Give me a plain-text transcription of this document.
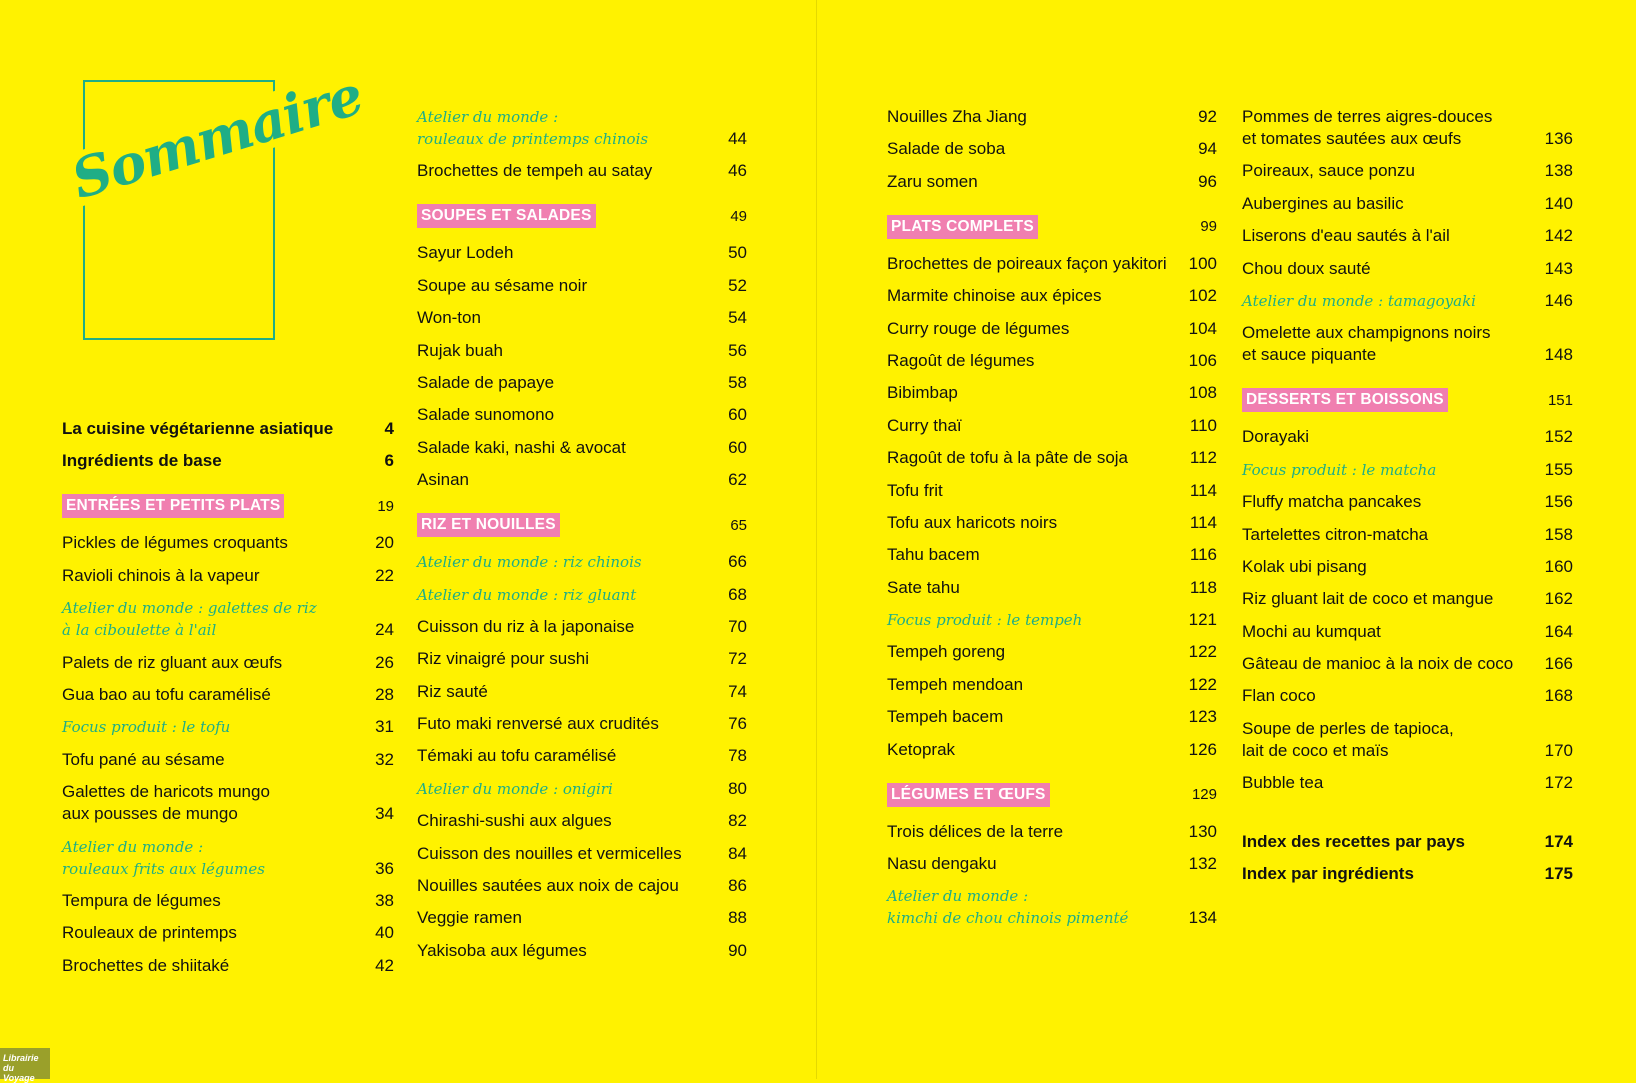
Sommaire
La cuisine végétarienne asiatique	4
Ingrédients de base	6
ENTRÉES ET PETITS PLATS	19
Pickles de légumes croquants	20
Ravioli chinois à la vapeur	22
Atelier du monde : galettes de riz
à la ciboulette à l'ail	24
Palets de riz gluant aux œufs	26
Gua bao au tofu caramélisé	28
Focus produit : le tofu	31
Tofu pané au sésame	32
Galettes de haricots mungo
aux pousses de mungo	34
Atelier du monde :
rouleaux frits aux légumes	36
Tempura de légumes	38
Rouleaux de printemps	40
Brochettes de shiitaké	42
Atelier du monde :
rouleaux de printemps chinois	44
Brochettes de tempeh au satay	46
SOUPES ET SALADES	49
Sayur Lodeh	50
Soupe au sésame noir	52
Won-ton	54
Rujak buah	56
Salade de papaye	58
Salade sunomono	60
Salade kaki, nashi & avocat	60
Asinan	62
RIZ ET NOUILLES	65
Atelier du monde : riz chinois	66
Atelier du monde : riz gluant	68
Cuisson du riz à la japonaise	70
Riz vinaigré pour sushi	72
Riz sauté	74
Futo maki renversé aux crudités	76
Témaki au tofu caramélisé	78
Atelier du monde : onigiri	80
Chirashi-sushi aux algues	82
Cuisson des nouilles et vermicelles	84
Nouilles sautées aux noix de cajou	86
Veggie ramen	88
Yakisoba aux légumes	90
Librairie du Voyage
Nouilles Zha Jiang	92
Salade de soba	94
Zaru somen	96
PLATS COMPLETS	99
Brochettes de poireaux façon yakitori	100
Marmite chinoise aux épices	102
Curry rouge de légumes	104
Ragoût de légumes	106
Bibimbap	108
Curry thaï	110
Ragoût de tofu à la pâte de soja	112
Tofu frit	114
Tofu aux haricots noirs	114
Tahu bacem	116
Sate tahu	118
Focus produit : le tempeh	121
Tempeh goreng	122
Tempeh mendoan	122
Tempeh bacem	123
Ketoprak	126
LÉGUMES ET ŒUFS	129
Trois délices de la terre	130
Nasu dengaku	132
Atelier du monde :
kimchi de chou chinois pimenté	134
Pommes de terres aigres-douces
et tomates sautées aux œufs	136
Poireaux, sauce ponzu	138
Aubergines au basilic	140
Liserons d'eau sautés à l'ail	142
Chou doux sauté	143
Atelier du monde : tamagoyaki	146
Omelette aux champignons noirs
et sauce piquante	148
DESSERTS ET BOISSONS	151
Dorayaki	152
Focus produit : le matcha	155
Fluffy matcha pancakes	156
Tartelettes citron-matcha	158
Kolak ubi pisang	160
Riz gluant lait de coco et mangue	162
Mochi au kumquat	164
Gâteau de manioc à la noix de coco	166
Flan coco	168
Soupe de perles de tapioca,
lait de coco et maïs	170
Bubble tea	172
Index des recettes par pays	174
Index par ingrédients	175
